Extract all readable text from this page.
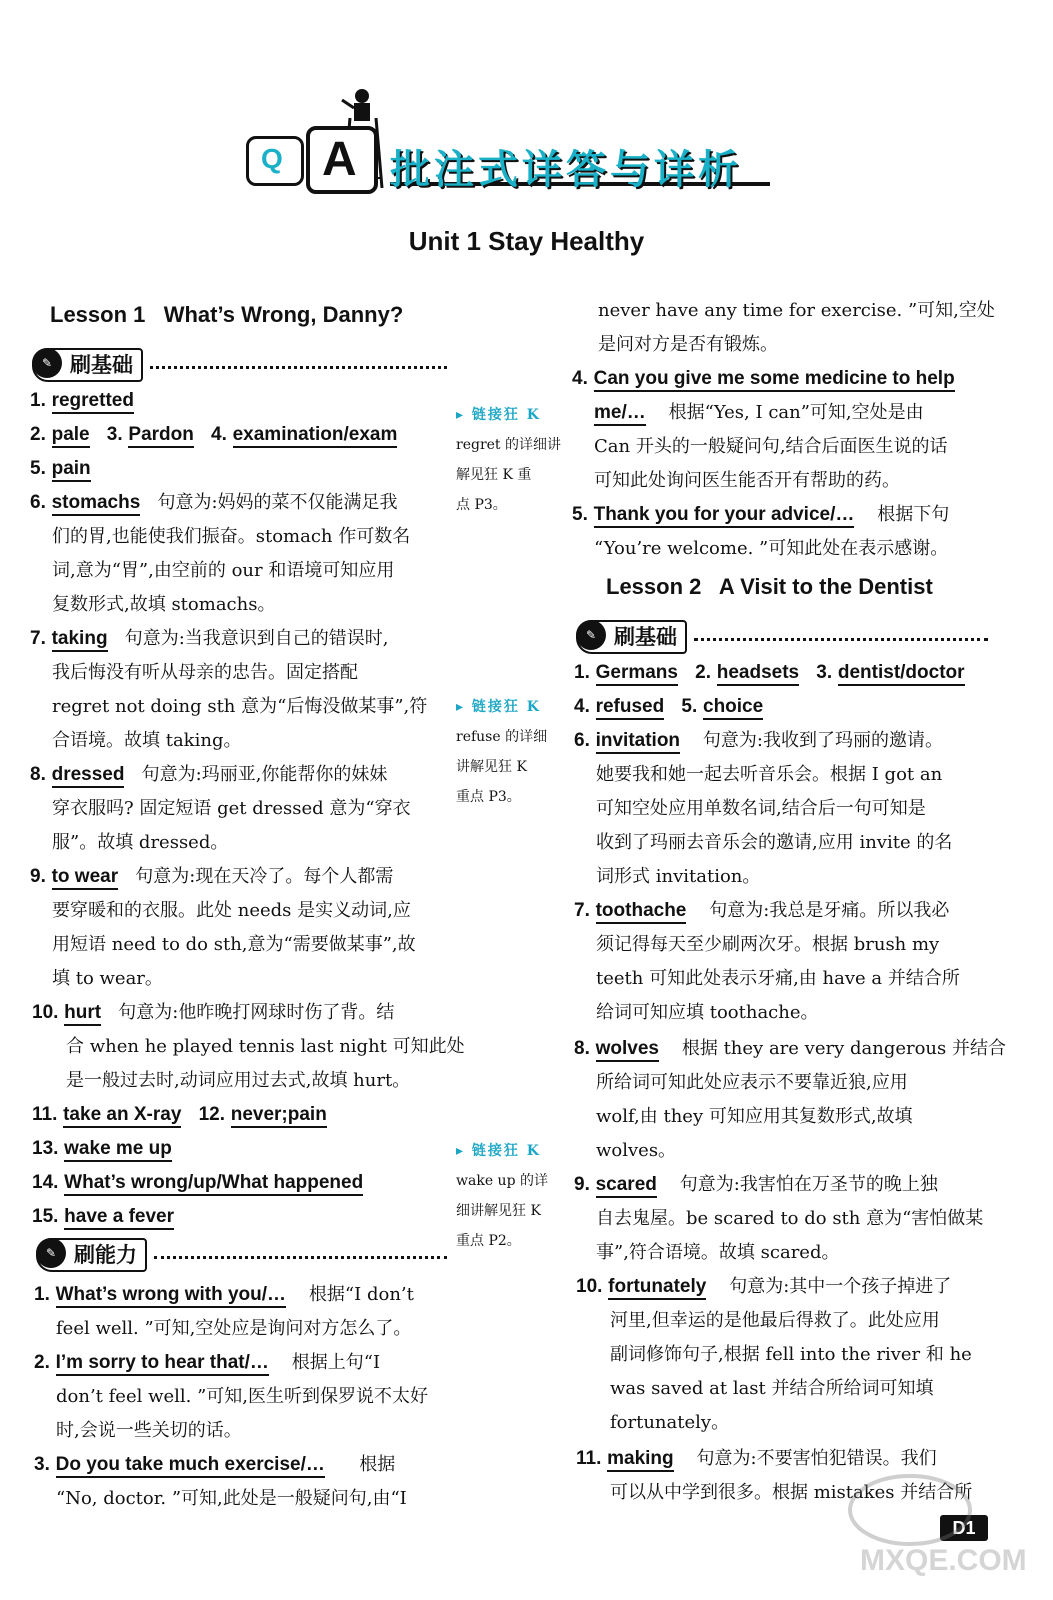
Q A 批注式详答与详析
Unit 1 Stay Healthy
Lesson 1   What’s Wrong, Danny?
✎ 刷基础
✎ 刷能力
Lesson 2   A Visit to the Dentist
✎ 刷基础
1. regretted
2. pale 3. Pardon 4. examination/exam
5. pain
6. stomachs   句意为:妈妈的菜不仅能满足我
们的胃,也能使我们振奋。stomach 作可数名
词,意为“胃”,由空前的 our 和语境可知应用
复数形式,故填 stomachs。
7. taking   句意为:当我意识到自己的错误时,
我后悔没有听从母亲的忠告。固定搭配
regret not doing sth 意为“后悔没做某事”,符
合语境。故填 taking。
8. dressed   句意为:玛丽亚,你能帮你的妹妹
穿衣服吗? 固定短语 get dressed 意为“穿衣
服”。故填 dressed。
9. to wear   句意为:现在天冷了。每个人都需
要穿暖和的衣服。此处 needs 是实义动词,应
用短语 need to do sth,意为“需要做某事”,故
填 to wear。
10. hurt   句意为:他昨晚打网球时伤了背。结
合 when he played tennis last night 可知此处
是一般过去时,动词应用过去式,故填 hurt。
11. take an X-ray 12. never;pain
13. wake me up
14. What’s wrong/up/What happened
15. have a fever
1. What’s wrong with you/…    根据“I don’t
feel well. ”可知,空处应是询问对方怎么了。
2. I’m sorry to hear that/…    根据上句“I
don’t feel well. ”可知,医生听到保罗说不太好
时,会说一些关切的话。
3. Do you take much exercise/…      根据
“No, doctor. ”可知,此处是一般疑问句,由“I
never have any time for exercise. ”可知,空处
是问对方是否有锻炼。
4. Can you give me some medicine to help
me/…    根据“Yes, I can”可知,空处是由
Can 开头的一般疑问句,结合后面医生说的话
可知此处询问医生能否开有帮助的药。
5. Thank you for your advice/…    根据下句
“You’re welcome. ”可知此处在表示感谢。
1. Germans 2. headsets 3. dentist/doctor
4. refused 5. choice
6. invitation    句意为:我收到了玛丽的邀请。
她要我和她一起去听音乐会。根据 I got an
可知空处应用单数名词,结合后一句可知是
收到了玛丽去音乐会的邀请,应用 invite 的名
词形式 invitation。
7. toothache    句意为:我总是牙痛。所以我必
须记得每天至少刷两次牙。根据 brush my
teeth 可知此处表示牙痛,由 have a 并结合所
给词可知应填 toothache。
8. wolves    根据 they are very dangerous 并结合
所给词可知此处应表示不要靠近狼,应用
wolf,由 they 可知应用其复数形式,故填
wolves。
9. scared    句意为:我害怕在万圣节的晚上独
自去鬼屋。be scared to do sth 意为“害怕做某
事”,符合语境。故填 scared。
10. fortunately    句意为:其中一个孩子掉进了
河里,但幸运的是他最后得救了。此处应用
副词修饰句子,根据 fell into the river 和 he
was saved at last 并结合所给词可知填
fortunately。
11. making    句意为:不要害怕犯错误。我们
可以从中学到很多。根据 mistakes 并结合所
▸ 链接狂 K
regret 的详细讲
解见狂 K 重
点 P3。
▸ 链接狂 K
refuse 的详细
讲解见狂 K
重点 P3。
▸ 链接狂 K
wake up 的详
细讲解见狂 K
重点 P2。
D1
MXQE.COM
